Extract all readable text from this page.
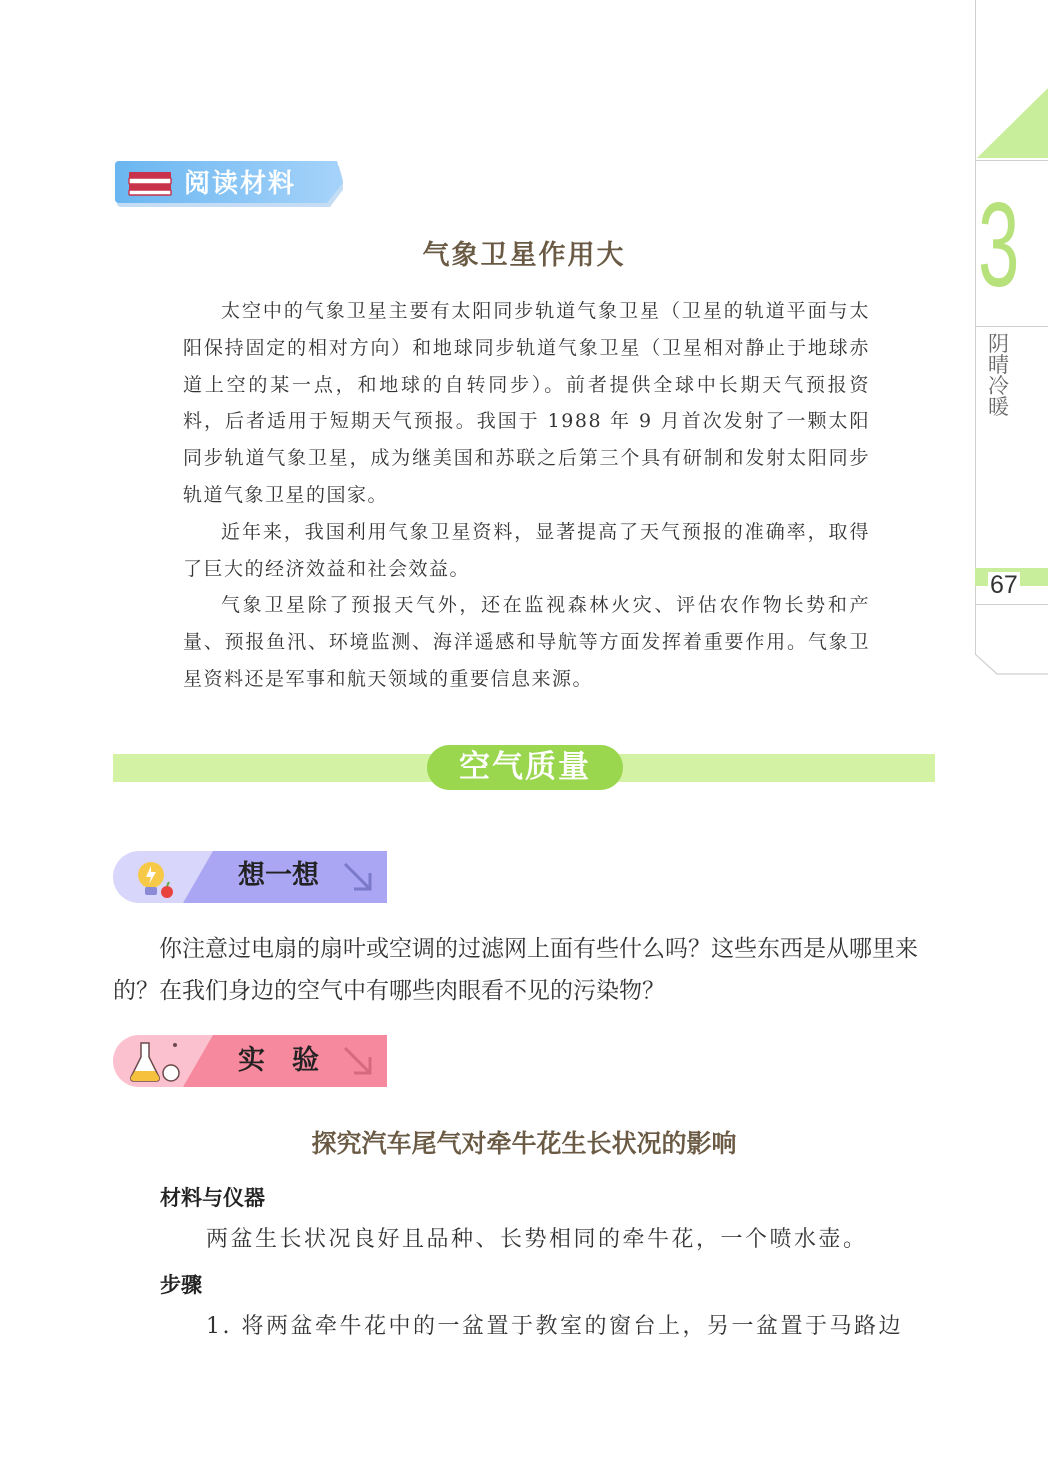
3
阴晴冷暖
67
阅读材料
气象卫星作用大

太空中的气象卫星主要有太阳同步轨道气象卫星（卫星的轨道平面与太阳保持固定的相对方向）和地球同步轨道气象卫星（卫星相对静止于地球赤道上空的某一点，和地球的自转同步）。前者提供全球中长期天气预报资料，后者适用于短期天气预报。我国于 1988 年 9 月首次发射了一颗太阳同步轨道气象卫星，成为继美国和苏联之后第三个具有研制和发射太阳同步轨道气象卫星的国家。

近年来，我国利用气象卫星资料，显著提高了天气预报的准确率，取得了巨大的经济效益和社会效益。

气象卫星除了预报天气外，还在监视森林火灾、评估农作物长势和产量、预报鱼汛、环境监测、海洋遥感和导航等方面发挥着重要作用。气象卫星资料还是军事和航天领域的重要信息来源。

空气质量
想一想

你注意过电扇的扇叶或空调的过滤网上面有些什么吗？这些东西是从哪里来的？在我们身边的空气中有哪些肉眼看不见的污染物？

实　验
探究汽车尾气对牵牛花生长状况的影响
材料与仪器
两盆生长状况良好且品种、长势相同的牵牛花，一个喷水壶。
步骤
1. 将两盆牵牛花中的一盆置于教室的窗台上，另一盆置于马路边
